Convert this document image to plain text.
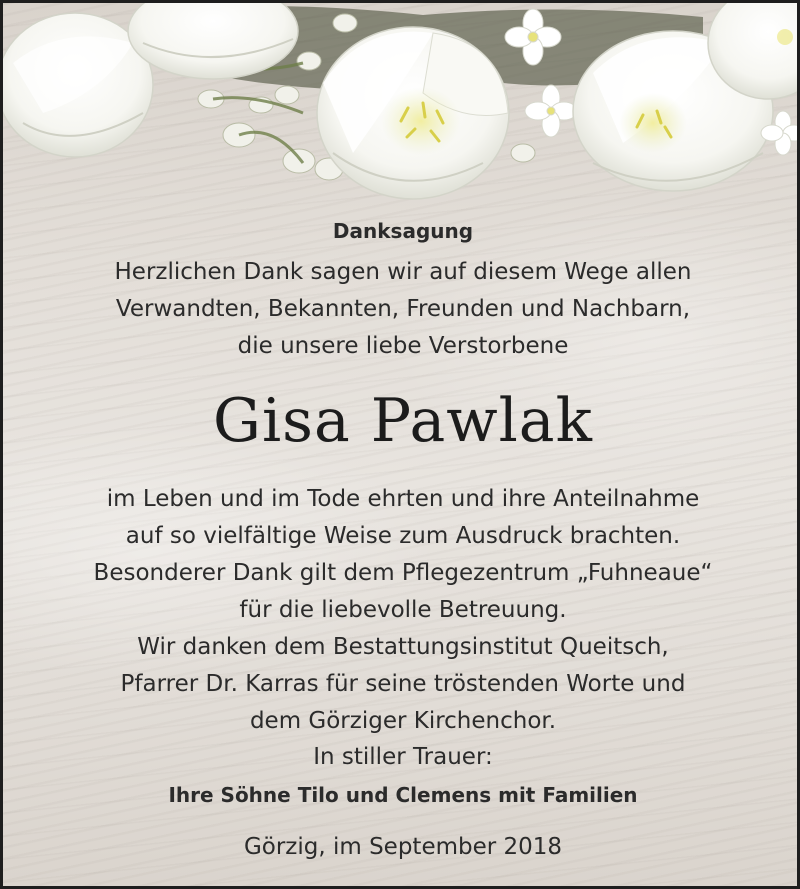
Danksagung
Herzlichen Dank sagen wir auf diesem Wege allen
Verwandten, Bekannten, Freunden und Nachbarn,
die unsere liebe Verstorbene
Gisa Pawlak
im Leben und im Tode ehrten und ihre Anteilnahme
auf so vielfältige Weise zum Ausdruck brachten.
Besonderer Dank gilt dem Pflegezentrum „Fuhneaue“
für die liebevolle Betreuung.
Wir danken dem Bestattungsinstitut Queitsch,
Pfarrer Dr. Karras für seine tröstenden Worte und
dem Görziger Kirchenchor.
In stiller Trauer:
Ihre Söhne Tilo und Clemens mit Familien
Görzig, im September 2018
